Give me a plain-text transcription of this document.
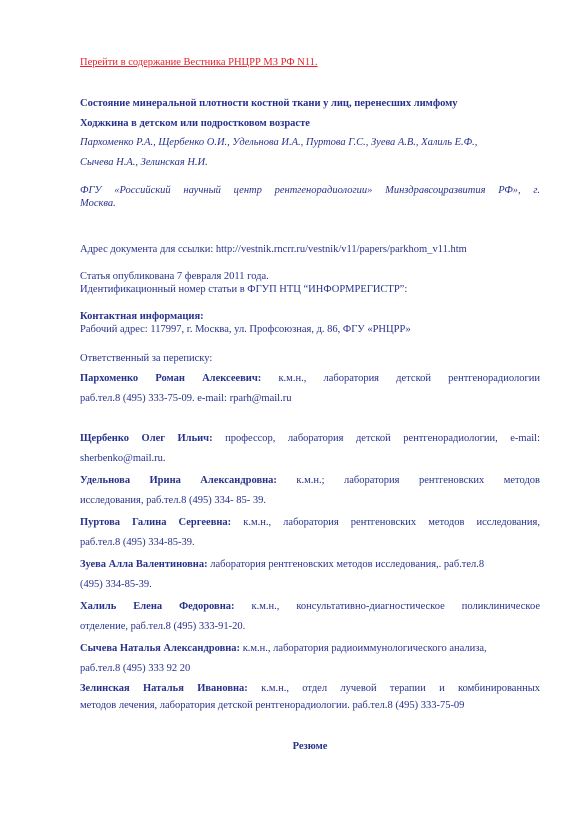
Перейти в содержание Вестника РНЦРР МЗ РФ N11.
Состояние минеральной плотности костной ткани у лиц, перенесших лимфому
Ходжкина в детском или подростковом возрасте
Пархоменко Р.А., Щербенко О.И., Удельнова И.А., Пуртова Г.С., Зуева А.В., Халиль Е.Ф.,
Сычева Н.А., Зелинская Н.И.
ФГУ «Российский научный центр рентгенорадиологии» Минздравсоцразвития РФ», г.
Москва.
Адрес документа для ссылки: http://vestnik.rncrr.ru/vestnik/v11/papers/parkhom_v11.htm
Статья опубликована 7 февраля 2011 года.
Идентификационный номер статьи в ФГУП НТЦ “ИНФОРМРЕГИСТР”:
Контактная информация:
Рабочий адрес: 117997, г. Москва, ул. Профсоюзная, д. 86, ФГУ «РНЦРР»
Ответственный за переписку:
Пархоменко Роман Алексеевич: к.м.н., лаборатория детской рентгенорадиологии
раб.тел.8 (495) 333-75-09. e-mail: rparh@mail.ru
Щербенко Олег Ильич: профессор, лаборатория детской рентгенорадиологии, e-mail:
sherbenko@mail.ru.
Удельнова Ирина Александровна: к.м.н.; лаборатория рентгеновских методов
исследования, раб.тел.8 (495) 334- 85- 39.
Пуртова Галина Сергеевна: к.м.н., лаборатория рентгеновских методов исследования,
раб.тел.8 (495) 334-85-39.
Зуева Алла Валентиновна: лаборатория рентгеновских методов исследования,. раб.тел.8
(495) 334-85-39.
Халиль Елена Федоровна: к.м.н., консультативно-диагностическое поликлиническое
отделение, раб.тел.8 (495) 333-91-20.
Сычева Наталья Александровна: к.м.н., лаборатория радиоиммунологического анализа,
раб.тел.8 (495) 333 92 20
Зелинская Наталья Ивановна: к.м.н., отдел лучевой терапии и комбинированных
методов лечения, лаборатория детской рентгенорадиологии. раб.тел.8 (495) 333-75-09
Резюме
